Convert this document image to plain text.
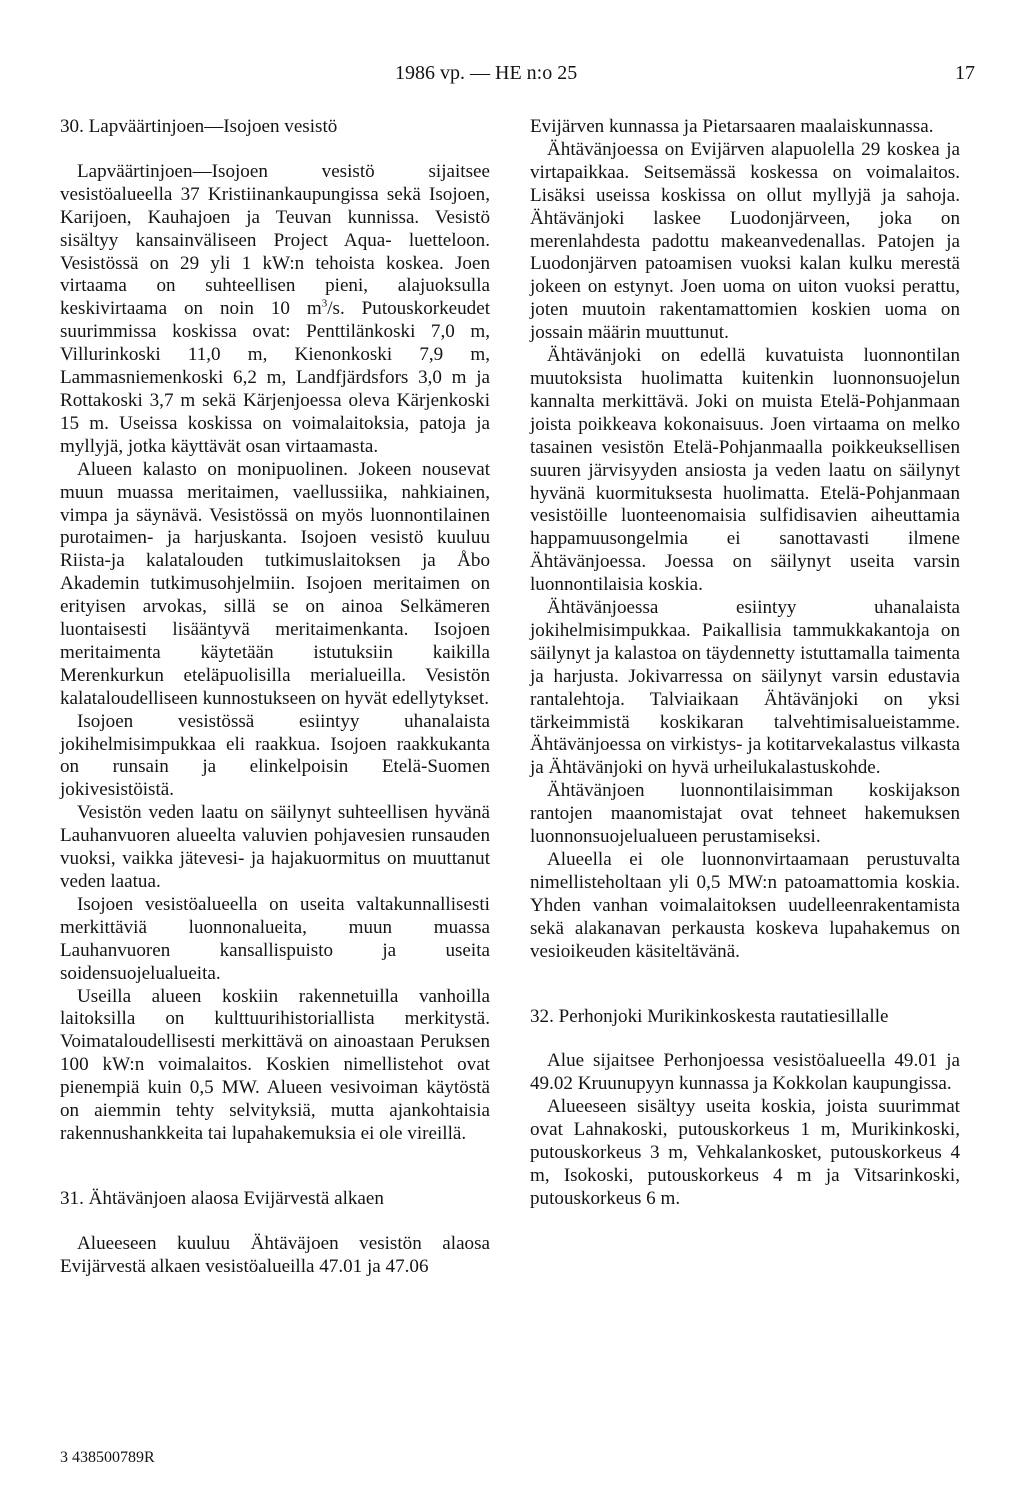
1986 vp. — HE n:o 25	17
30. Lapväärtinjoen—Isojoen vesistö

Lapväärtinjoen—Isojoen vesistö sijaitsee vesistöalueella 37 Kristiinankaupungissa sekä Isojoen, Karijoen, Kauhajoen ja Teuvan kunnissa. Vesistö sisältyy kansainväliseen Project Aqua- luetteloon. Vesistössä on 29 yli 1 kW:n tehoista koskea. Joen virtaama on suhteellisen pieni, alajuoksulla keskivirtaama on noin 10 $m^3/s$. Putouskorkeudet suurimmissa koskissa ovat: Penttilänkoski 7,0 m, Villurinkoski 11,0 m, Kienonkoski 7,9 m, Lammasniemenkoski 6,2 m, Landfjärdsfors 3,0 m ja Rottakoski 3,7 m sekä Kärjenjoessa oleva Kärjenkoski 15 m. Useissa koskissa on voimalaitoksia, patoja ja myllyjä, jotka käyttävät osan virtaamasta.

Alueen kalasto on monipuolinen. Jokeen nousevat muun muassa meritaimen, vaellussiika, nahkiainen, vimpa ja säynävä. Vesistössä on myös luonnontilainen purotaimen- ja harjuskanta. Isojoen vesistö kuuluu Riista-ja kalatalouden tutkimuslaitoksen ja Åbo Akademin tutkimusohjelmiin. Isojoen meritaimen on erityisen arvokas, sillä se on ainoa Selkämeren luontaisesti lisääntyvä meritaimenkanta. Isojoen meritaimenta käytetään istutuksiin kaikilla Merenkurkun eteläpuolisilla merialueilla. Vesistön kalataloudelliseen kunnostukseen on hyvät edellytykset.

Isojoen vesistössä esiintyy uhanalaista jokihelmisimpukkaa eli raakkua. Isojoen raakkukanta on runsain ja elinkelpoisin Etelä-Suomen jokivesistöistä.

Vesistön veden laatu on säilynyt suhteellisen hyvänä Lauhanvuoren alueelta valuvien pohjavesien runsauden vuoksi, vaikka jätevesi- ja hajakuormitus on muuttanut veden laatua.

Isojoen vesistöalueella on useita valtakunnallisesti merkittäviä luonnonalueita, muun muassa Lauhanvuoren kansallispuisto ja useita soidensuojelualueita.

Useilla alueen koskiin rakennetuilla vanhoilla laitoksilla on kulttuurihistoriallista merkitystä. Voimataloudellisesti merkittävä on ainoastaan Peruksen 100 kW:n voimalaitos. Koskien nimellistehot ovat pienempiä kuin 0,5 MW. Alueen vesivoiman käytöstä on aiemmin tehty selvityksiä, mutta ajankohtaisia rakennushankkeita tai lupahakemuksia ei ole vireillä.

31. Ähtävänjoen alaosa Evijärvestä alkaen

Alueeseen kuuluu Ähtäväjoen vesistön alaosa Evijärvestä alkaen vesistöalueilla 47.01 ja 47.06

Evijärven kunnassa ja Pietarsaaren maalaiskunnassa.

Ähtävänjoessa on Evijärven alapuolella 29 koskea ja virtapaikkaa. Seitsemässä koskessa on voimalaitos. Lisäksi useissa koskissa on ollut myllyjä ja sahoja. Ähtävänjoki laskee Luodonjärveen, joka on merenlahdesta padottu makeanvedenallas. Patojen ja Luodonjärven patoamisen vuoksi kalan kulku merestä jokeen on estynyt. Joen uoma on uiton vuoksi perattu, joten muutoin rakentamattomien koskien uoma on jossain määrin muuttunut.

Ähtävänjoki on edellä kuvatuista luonnontilan muutoksista huolimatta kuitenkin luonnonsuojelun kannalta merkittävä. Joki on muista Etelä-Pohjanmaan joista poikkeava kokonaisuus. Joen virtaama on melko tasainen vesistön Etelä-Pohjanmaalla poikkeuksellisen suuren järvisyyden ansiosta ja veden laatu on säilynyt hyvänä kuormituksesta huolimatta. Etelä-Pohjanmaan vesistöille luonteenomaisia sulfidisavien aiheuttamia happamuusongelmia ei sanottavasti ilmene Ähtävänjoessa. Joessa on säilynyt useita varsin luonnontilaisia koskia.

Ähtävänjoessa esiintyy uhanalaista jokihelmisimpukkaa. Paikallisia tammukkakantoja on säilynyt ja kalastoa on täydennetty istuttamalla taimenta ja harjusta. Jokivarressa on säilynyt varsin edustavia rantalehtoja. Talviaikaan Ähtävänjoki on yksi tärkeimmistä koskikaran talvehtimisalueistamme. Ähtävänjoessa on virkistys- ja kotitarvekalastus vilkasta ja Ähtävänjoki on hyvä urheilukalastuskohde.

Ähtävänjoen luonnontilaisimman koskijakson rantojen maanomistajat ovat tehneet hakemuksen luonnonsuojelualueen perustamiseksi.

Alueella ei ole luonnonvirtaamaan perustuvalta nimellisteholtaan yli 0,5 MW:n patoamattomia koskia. Yhden vanhan voimalaitoksen uudelleenrakentamista sekä alakanavan perkausta koskeva lupahakemus on vesioikeuden käsiteltävänä.

32. Perhonjoki Murikinkoskesta rautatiesillalle

Alue sijaitsee Perhonjoessa vesistöalueella 49.01 ja 49.02 Kruunupyyn kunnassa ja Kokkolan kaupungissa.

Alueeseen sisältyy useita koskia, joista suurimmat ovat Lahnakoski, putouskorkeus 1 m, Murikinkoski, putouskorkeus 3 m, Vehkalankosket, putouskorkeus 4 m, Isokoski, putouskorkeus 4 m ja Vitsarinkoski, putouskorkeus 6 m.

3 438500789R
